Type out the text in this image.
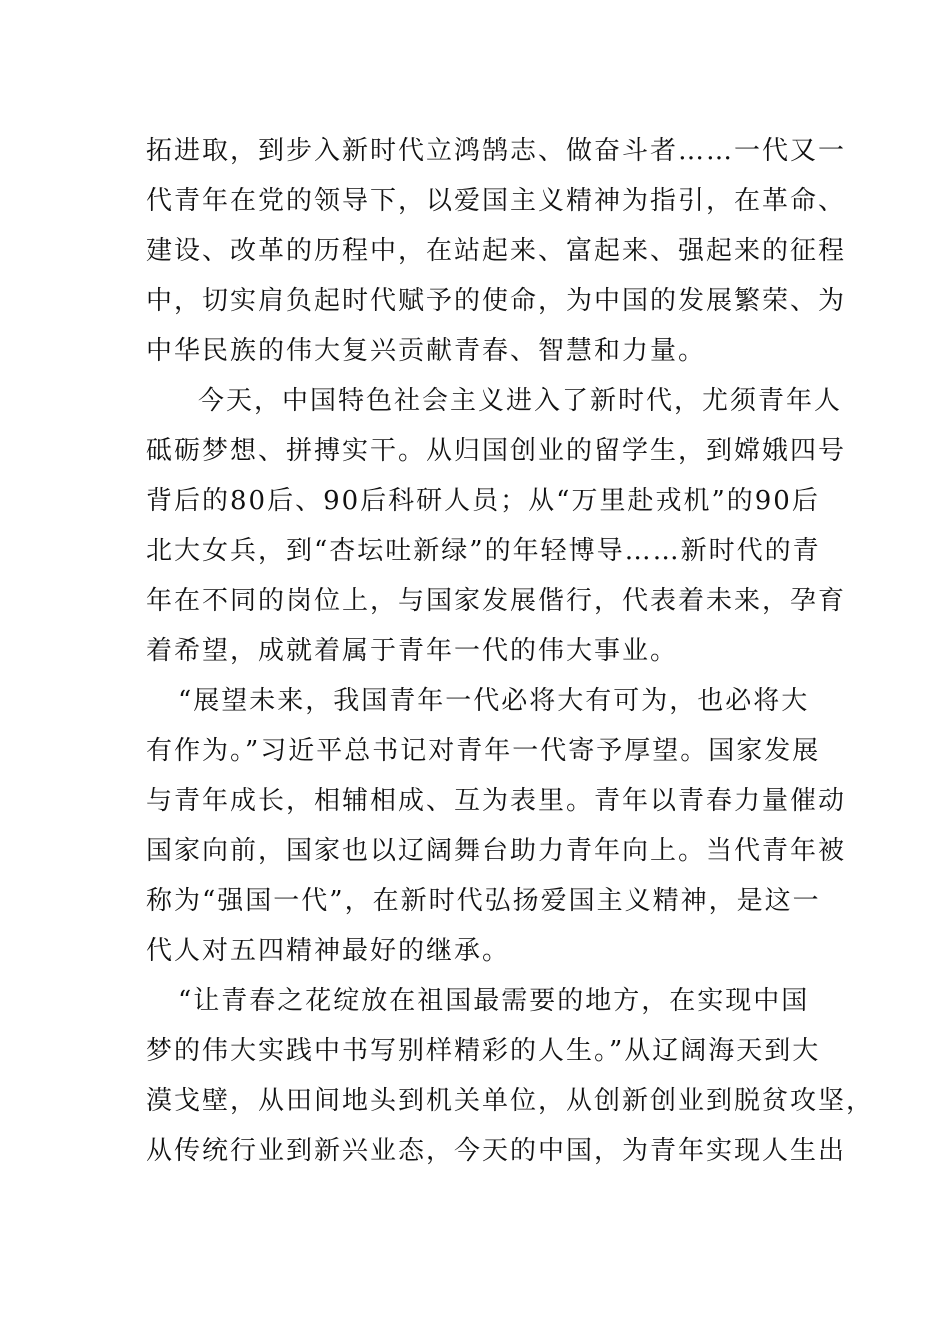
拓进取，到步入新时代立鸿鹄志、做奋斗者……一代又一
代青年在党的领导下，以爱国主义精神为指引，在革命、
建设、改革的历程中，在站起来、富起来、强起来的征程
中，切实肩负起时代赋予的使命，为中国的发展繁荣、为
中华民族的伟大复兴贡献青春、智慧和力量。
今天，中国特色社会主义进入了新时代，尤须青年人
砥砺梦想、拼搏实干。从归国创业的留学生，到嫦娥四号
背后的80后、90后科研人员；从“万里赴戎机”的90后
北大女兵，到“杏坛吐新绿”的年轻博导……新时代的青
年在不同的岗位上，与国家发展偕行，代表着未来，孕育
着希望，成就着属于青年一代的伟大事业。
“展望未来，我国青年一代必将大有可为，也必将大
有作为。”习近平总书记对青年一代寄予厚望。国家发展
与青年成长，相辅相成、互为表里。青年以青春力量催动
国家向前，国家也以辽阔舞台助力青年向上。当代青年被
称为“强国一代”，在新时代弘扬爱国主义精神，是这一
代人对五四精神最好的继承。
“让青春之花绽放在祖国最需要的地方，在实现中国
梦的伟大实践中书写别样精彩的人生。”从辽阔海天到大
漠戈壁，从田间地头到机关单位，从创新创业到脱贫攻坚，
从传统行业到新兴业态，今天的中国，为青年实现人生出
